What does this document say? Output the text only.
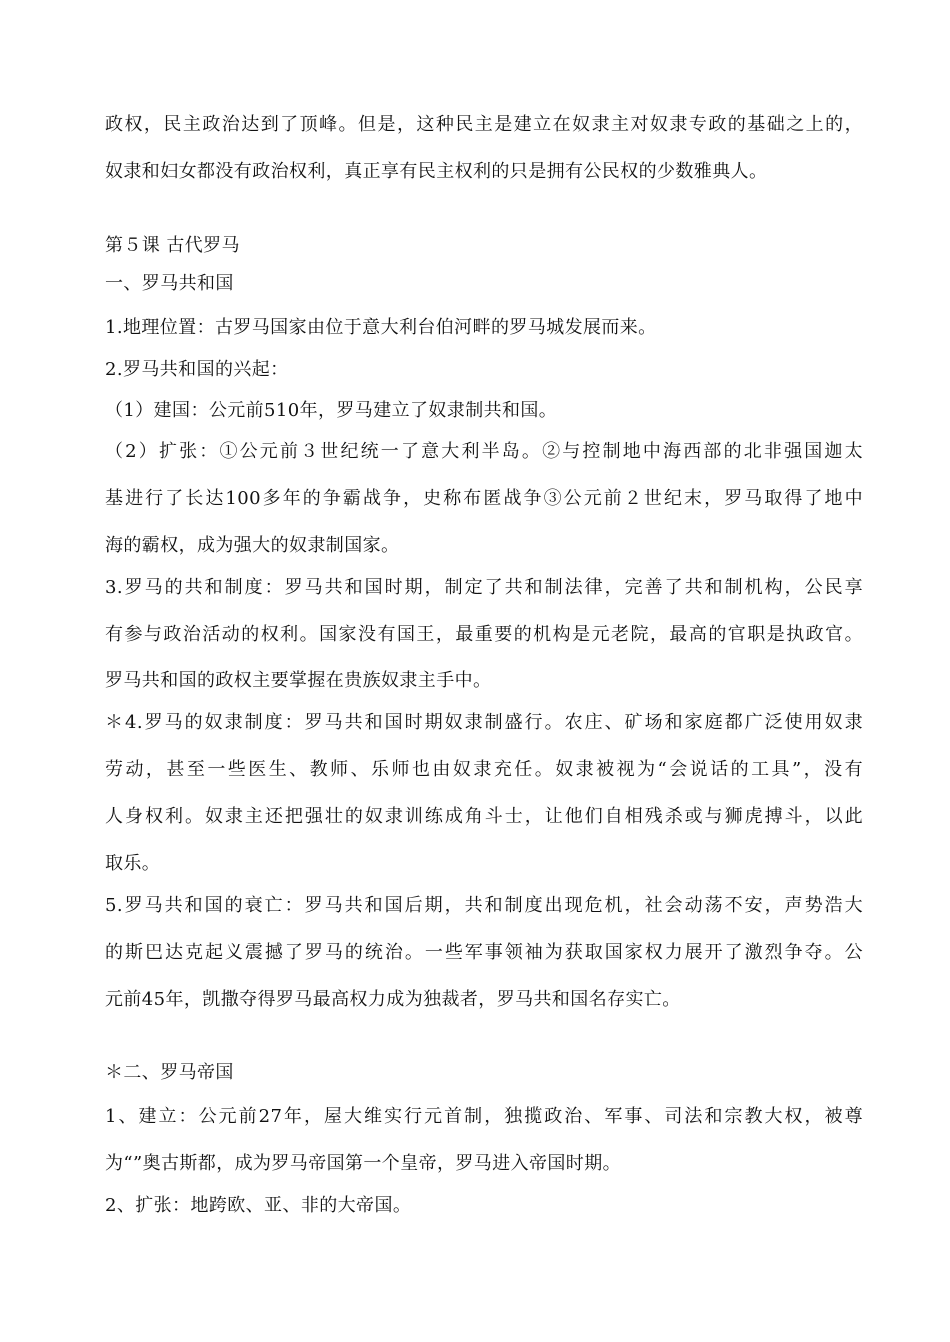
政权，民主政治达到了顶峰。但是，这种民主是建立在奴隶主对奴隶专政的基础之上的，
奴隶和妇女都没有政治权利，真正享有民主权利的只是拥有公民权的少数雅典人。
第５课 古代罗马
一、罗马共和国
1.地理位置：古罗马国家由位于意大利台伯河畔的罗马城发展而来。
2.罗马共和国的兴起：
（1）建国：公元前510年，罗马建立了奴隶制共和国。
（2）扩张：①公元前３世纪统一了意大利半岛。②与控制地中海西部的北非强国迦太
基进行了长达100多年的争霸战争，史称布匿战争③公元前２世纪末，罗马取得了地中
海的霸权，成为强大的奴隶制国家。
3.罗马的共和制度：罗马共和国时期，制定了共和制法律，完善了共和制机构，公民享
有参与政治活动的权利。国家没有国王，最重要的机构是元老院，最高的官职是执政官。
罗马共和国的政权主要掌握在贵族奴隶主手中。
＊4.罗马的奴隶制度：罗马共和国时期奴隶制盛行。农庄、矿场和家庭都广泛使用奴隶
劳动，甚至一些医生、教师、乐师也由奴隶充任。奴隶被视为“会说话的工具”，没有
人身权利。奴隶主还把强壮的奴隶训练成角斗士，让他们自相残杀或与狮虎搏斗，以此
取乐。
5.罗马共和国的衰亡：罗马共和国后期，共和制度出现危机，社会动荡不安，声势浩大
的斯巴达克起义震撼了罗马的统治。一些军事领袖为获取国家权力展开了激烈争夺。公
元前45年，凯撒夺得罗马最高权力成为独裁者，罗马共和国名存实亡。
＊二、罗马帝国
1、建立：公元前27年，屋大维实行元首制，独揽政治、军事、司法和宗教大权，被尊
为“”奥古斯都，成为罗马帝国第一个皇帝，罗马进入帝国时期。
2、扩张：地跨欧、亚、非的大帝国。
